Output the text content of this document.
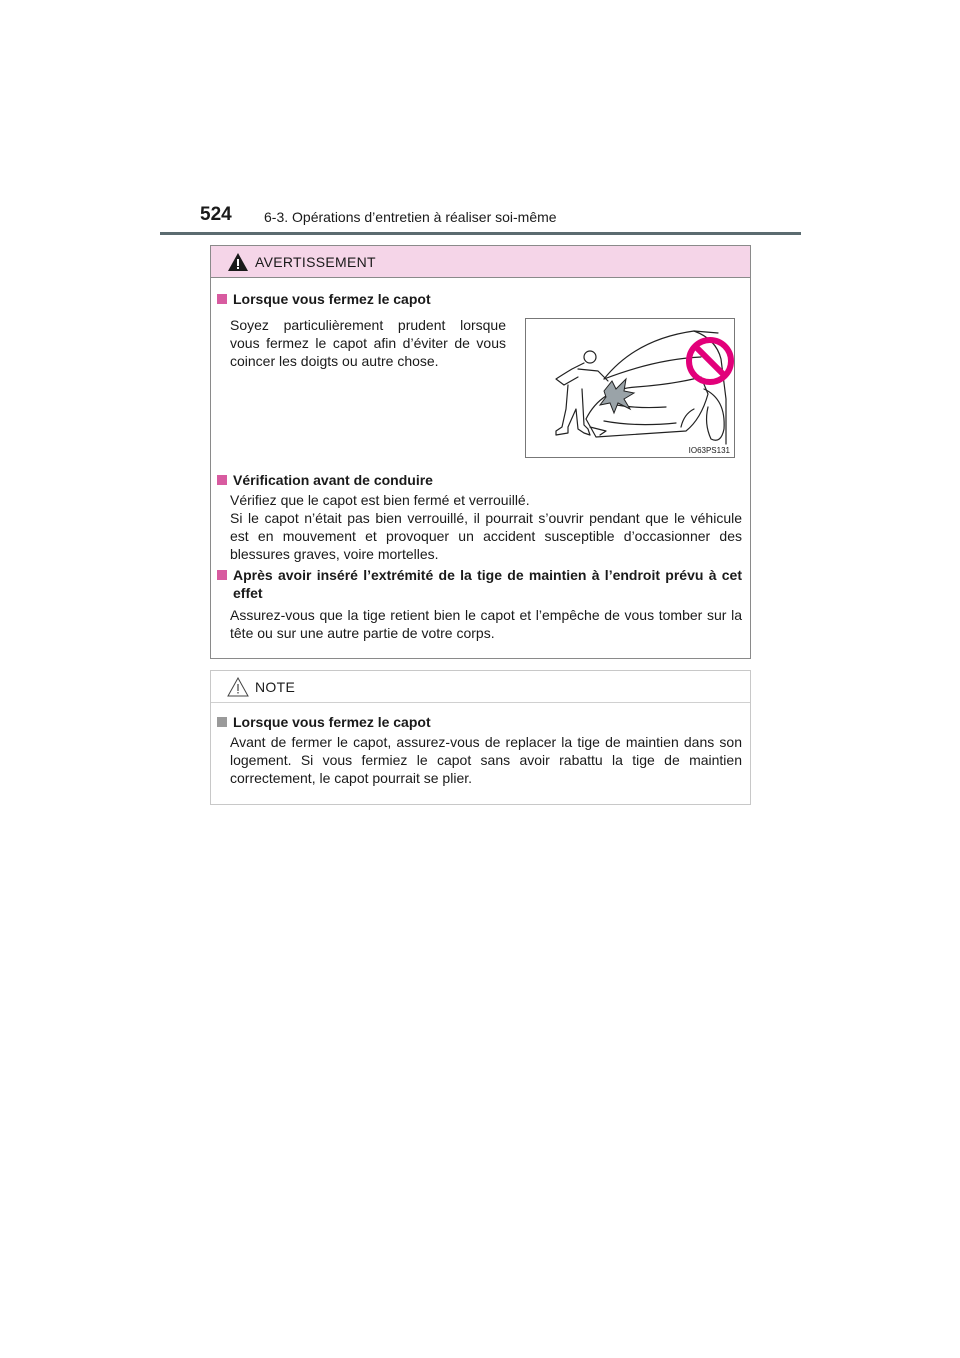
524 6-3. Opérations d’entretien à réaliser soi-même
AVERTISSEMENT
Lorsque vous fermez le capot
Soyez particulièrement prudent lorsque vous fermez le capot afin d’éviter de vous coincer les doigts ou autre chose.
IO63PS131
Vérification avant de conduire
Vérifiez que le capot est bien fermé et verrouillé.
Si le capot n’était pas bien verrouillé, il pourrait s’ouvrir pendant que le véhicule est en mouvement et provoquer un accident susceptible d’occasionner des blessures graves, voire mortelles.
Après avoir inséré l’extrémité de la tige de maintien à l’endroit prévu à cet effet
Assurez-vous que la tige retient bien le capot et l’empêche de vous tomber sur la tête ou sur une autre partie de votre corps.
NOTE
Lorsque vous fermez le capot
Avant de fermer le capot, assurez-vous de replacer la tige de maintien dans son logement. Si vous fermiez le capot sans avoir rabattu la tige de maintien correctement, le capot pourrait se plier.
